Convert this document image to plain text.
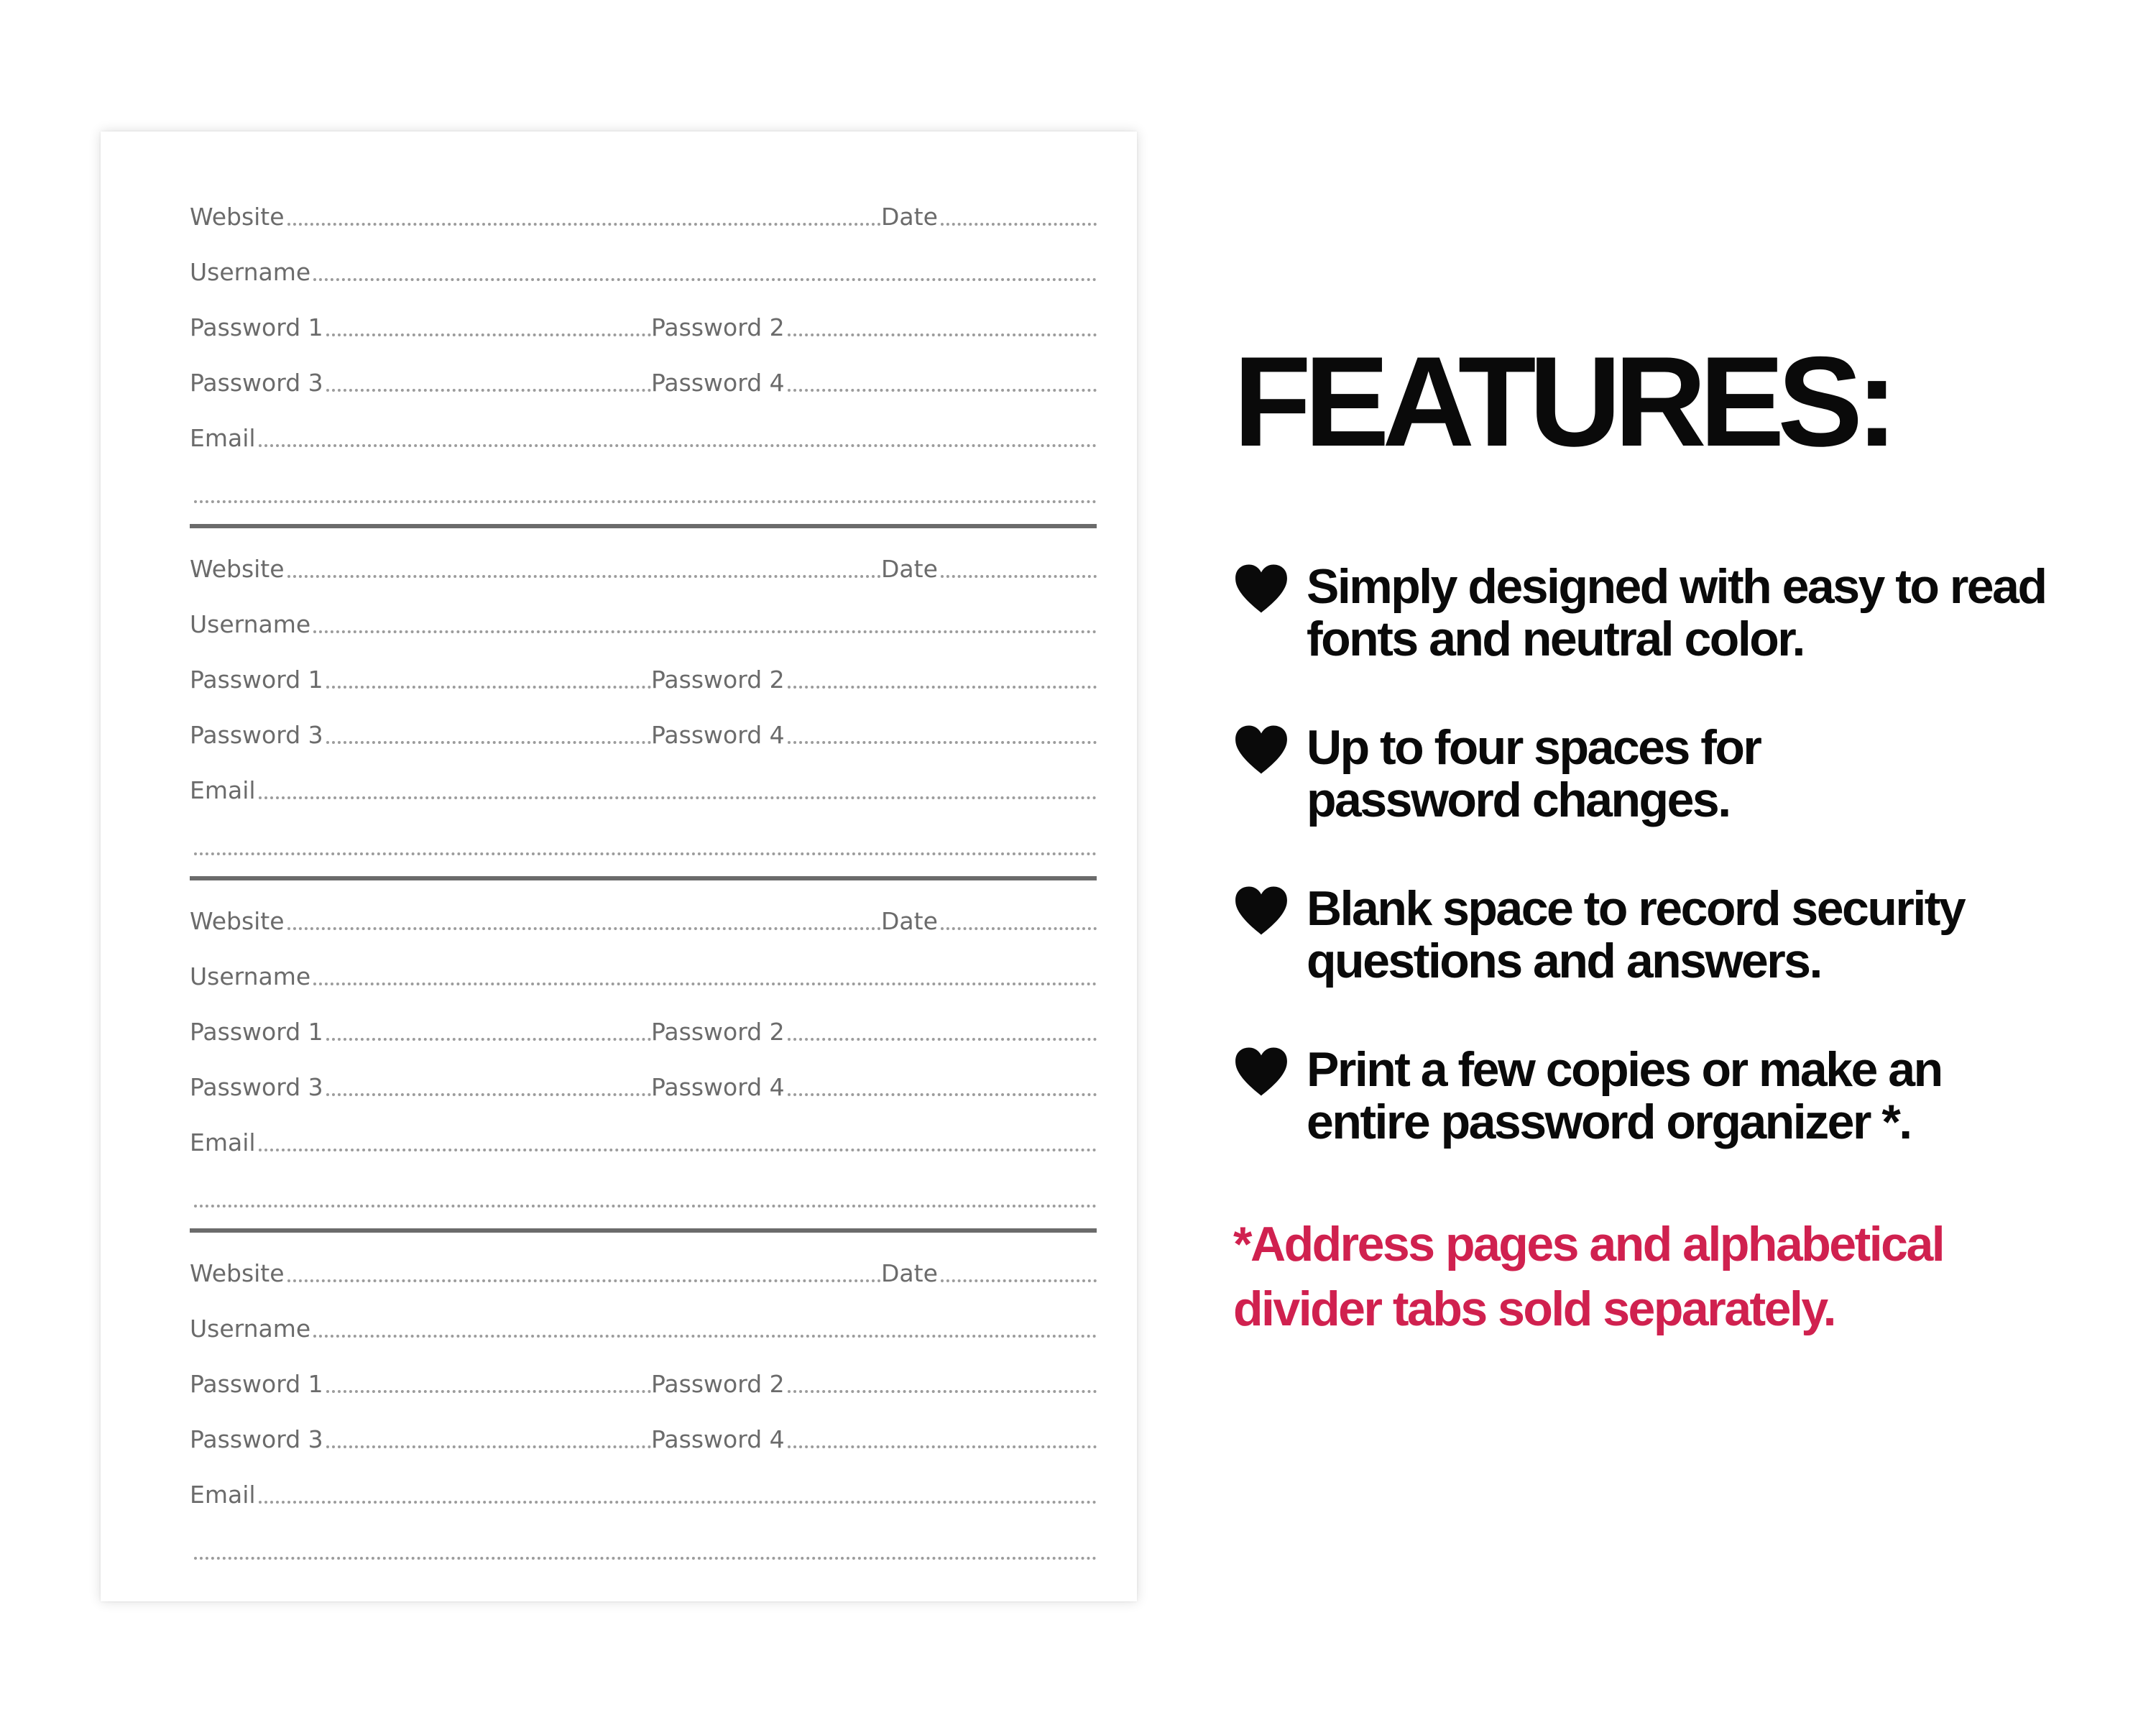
Website	Date
Username
Password 1	Password 2
Password 3	Password 4
Email
Website	Date
Username
Password 1	Password 2
Password 3	Password 4
Email
Website	Date
Username
Password 1	Password 2
Password 3	Password 4
Email
Website	Date
Username
Password 1	Password 2
Password 3	Password 4
Email
FEATURES:
Simply designed with easy to read
fonts and neutral color.
Up to four spaces for
password changes.
Blank space to record security
questions and answers.
Print a few copies or make an
entire password organizer *.
*Address pages and alphabetical
divider tabs sold separately.
